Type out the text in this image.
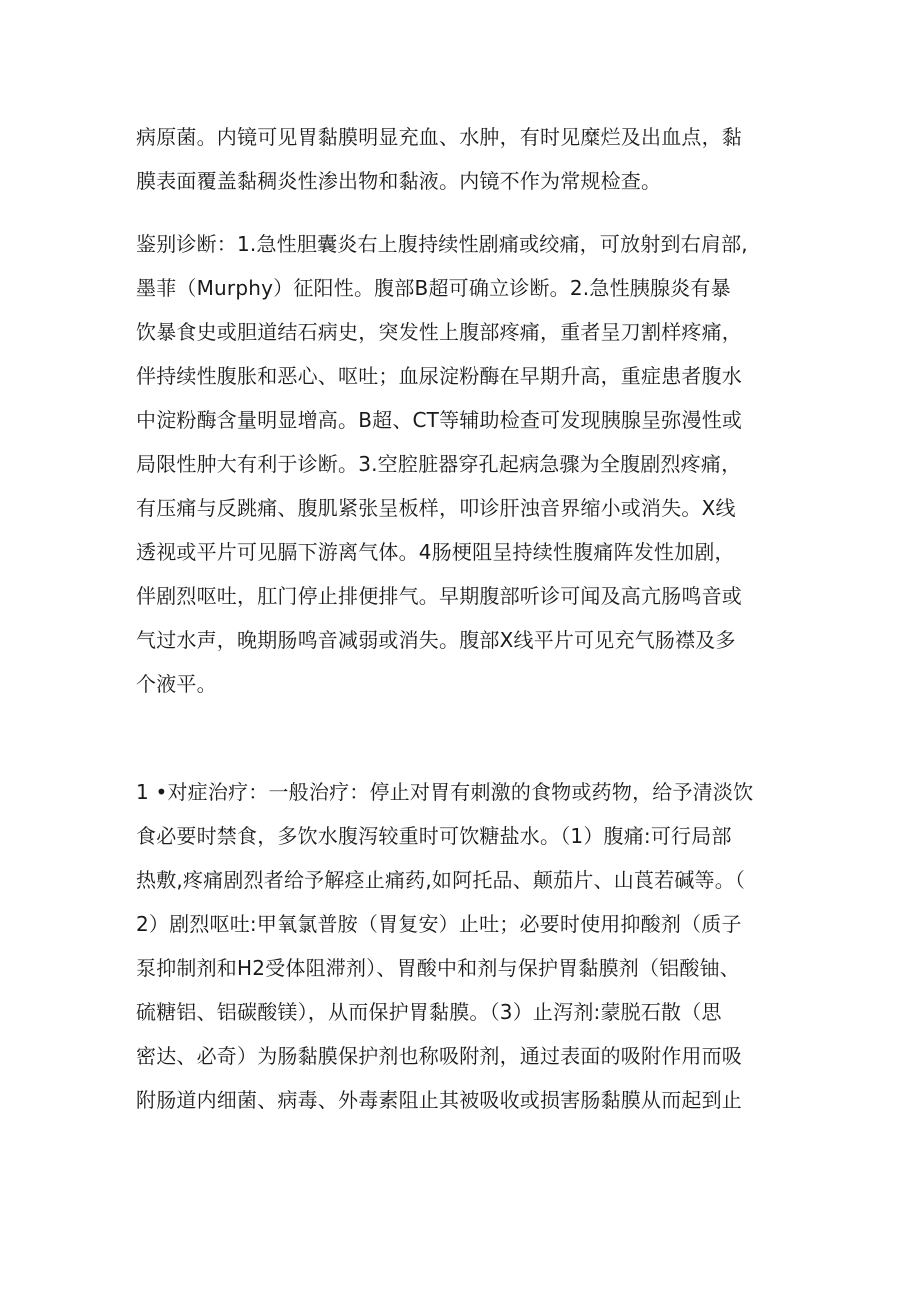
病原菌。内镜可见胃黏膜明显充血、水肿，有时见糜烂及出血点，黏
膜表面覆盖黏稠炎性渗出物和黏液。内镜不作为常规检查。
鉴别诊断：1.急性胆囊炎右上腹持续性剧痛或绞痛，可放射到右肩部,
墨菲（Murphy）征阳性。腹部B超可确立诊断。2.急性胰腺炎有暴
饮暴食史或胆道结石病史，突发性上腹部疼痛，重者呈刀割样疼痛，
伴持续性腹胀和恶心、呕吐；血尿淀粉酶在早期升高，重症患者腹水
中淀粉酶含量明显增高。B超、CT等辅助检查可发现胰腺呈弥漫性或
局限性肿大有利于诊断。3.空腔脏器穿孔起病急骤为全腹剧烈疼痛，
有压痛与反跳痛、腹肌紧张呈板样，叩诊肝浊音界缩小或消失。X线
透视或平片可见膈下游离气体。4肠梗阻呈持续性腹痛阵发性加剧，
伴剧烈呕吐，肛门停止排便排气。早期腹部听诊可闻及高亢肠鸣音或
气过水声，晚期肠鸣音减弱或消失。腹部X线平片可见充气肠襟及多
个液平。
1 •对症治疗：一般治疗：停止对胃有刺激的食物或药物，给予清淡饮
食必要时禁食，多饮水腹泻较重时可饮糖盐水。（1）腹痛:可行局部
热敷,疼痛剧烈者给予解痉止痛药,如阿托品、颠茄片、山莨若碱等。（
2）剧烈呕吐:甲氧氯普胺（胃复安）止吐；必要时使用抑酸剂（质子
泵抑制剂和H2受体阻滞剂）、胃酸中和剂与保护胃黏膜剂（铝酸铀、
硫糖铝、铝碳酸镁），从而保护胃黏膜。（3）止泻剂:蒙脱石散（思
密达、必奇）为肠黏膜保护剂也称吸附剂，通过表面的吸附作用而吸
附肠道内细菌、病毒、外毒素阻止其被吸收或损害肠黏膜从而起到止
